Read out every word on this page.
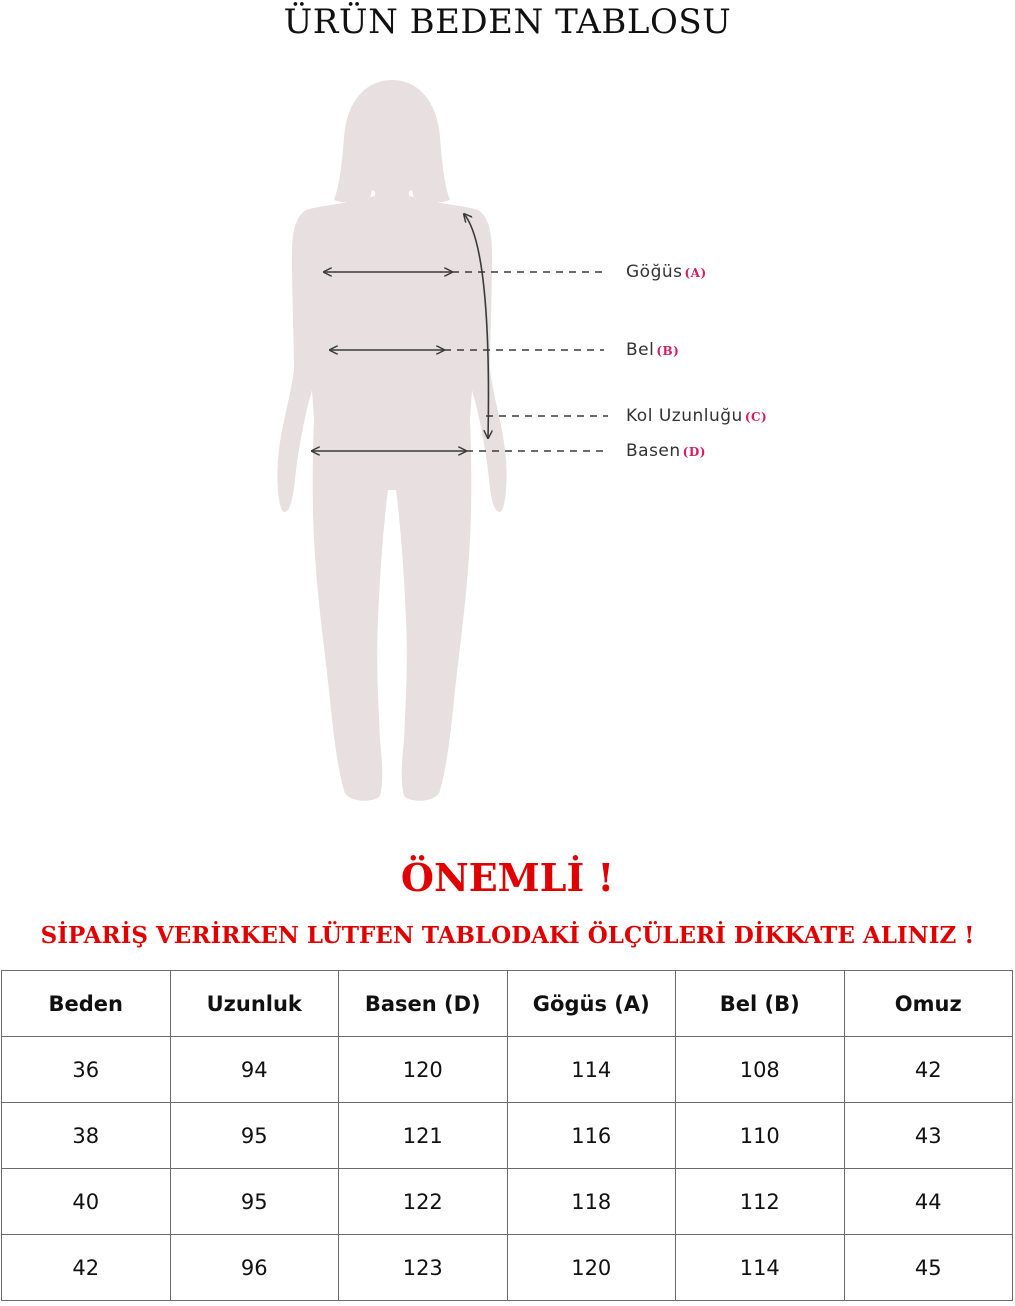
ÜRÜN BEDEN TABLOSU
Göğüs (A)
Bel (B)
Kol Uzunluğu (C)
Basen (D)
ÖNEMLİ !
SİPARİŞ VERİRKEN LÜTFEN TABLODAKİ ÖLÇÜLERİ DİKKATE ALINIZ !
Beden	Uzunluk	Basen (D)	Gögüs (A)	Bel (B)	Omuz
36	94	120	114	108	42
38	95	121	116	110	43
40	95	122	118	112	44
42	96	123	120	114	45
